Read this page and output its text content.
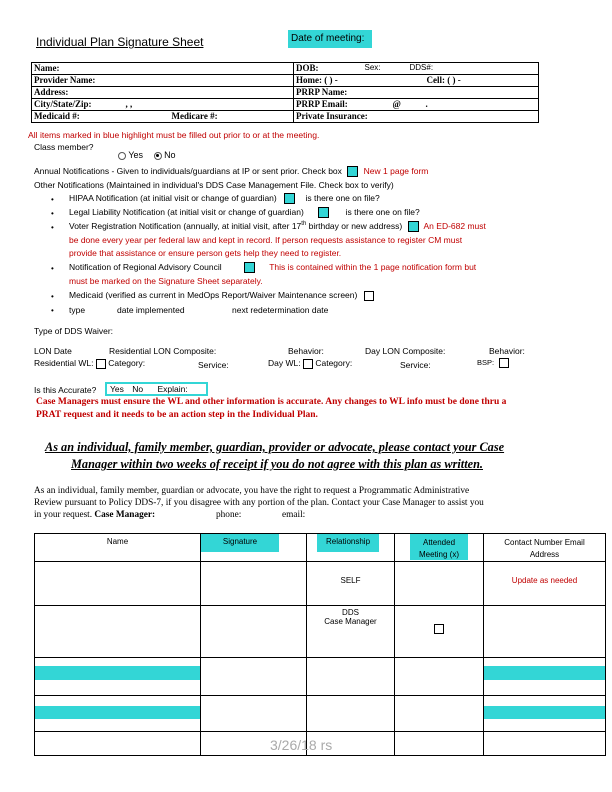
Individual Plan Signature Sheet	Date of meeting:
Name:	DOB: Sex: DDS#:

Provider Name:	Home: ( ) - Cell: ( ) -

Address:	PRRP Name:
City/State/Zip: , ,	PRRP Email: @ .

Medicaid #: Medicare #:	Private Insurance:
All items marked in blue highlight must be filled out prior to or at the meeting.
Class member?
Yes No
Annual Notifications - Given to individuals/guardians at IP or sent prior. Check box	New 1 page form
Other Notifications (Maintained in individual's DDS Case Management File. Check box to verify)
• HIPAA Notification (at initial visit or change of guardian)	is there one on file?
• Legal Liability Notification (at initial visit or change of guardian)	is there one on file?
• Voter Registration Notification (annually, at initial visit, after 17th birthday or new address)	An ED-682 must
be done every year per federal law and kept in record. If person requests assistance to register CM must
provide that assistance or ensure person gets help they need to register.
• Notification of Regional Advisory Council	This is contained within the 1 page notification form but
must be marked on the Signature Sheet separately.
• Medicaid (verified as current in MedOps Report/Waiver Maintenance screen)
• type	date implemented	next redetermination date
Type of DDS Waiver:
LON Date	Residential LON Composite:	Behavior:	Day LON Composite:	Behavior:
Residential WL: Category:	Service:	Day WL: Category:	Service:	BSP:
Is this Accurate?	Yes No Explain:
Case Managers must ensure the WL and other information is accurate. Any changes to WL info must be done thru a
PRAT request and it needs to be an action step in the Individual Plan.
As an individual, family member, guardian, provider or advocate, please contact your Case
Manager within two weeks of receipt if you do not agree with this plan as written.
As an individual, family member, guardian or advocate, you have the right to request a Programmatic Administrative
Review pursuant to Policy DDS-7, if you disagree with any portion of the plan. Contact your Case Manager to assist you
in your request. Case Manager:	phone:	email:
Name	Signature	Relationship	Attended Meeting (x)	Contact Number Email Address

		SELF		Update as needed

		DDS
Case Manager		

3/26/18 rs
